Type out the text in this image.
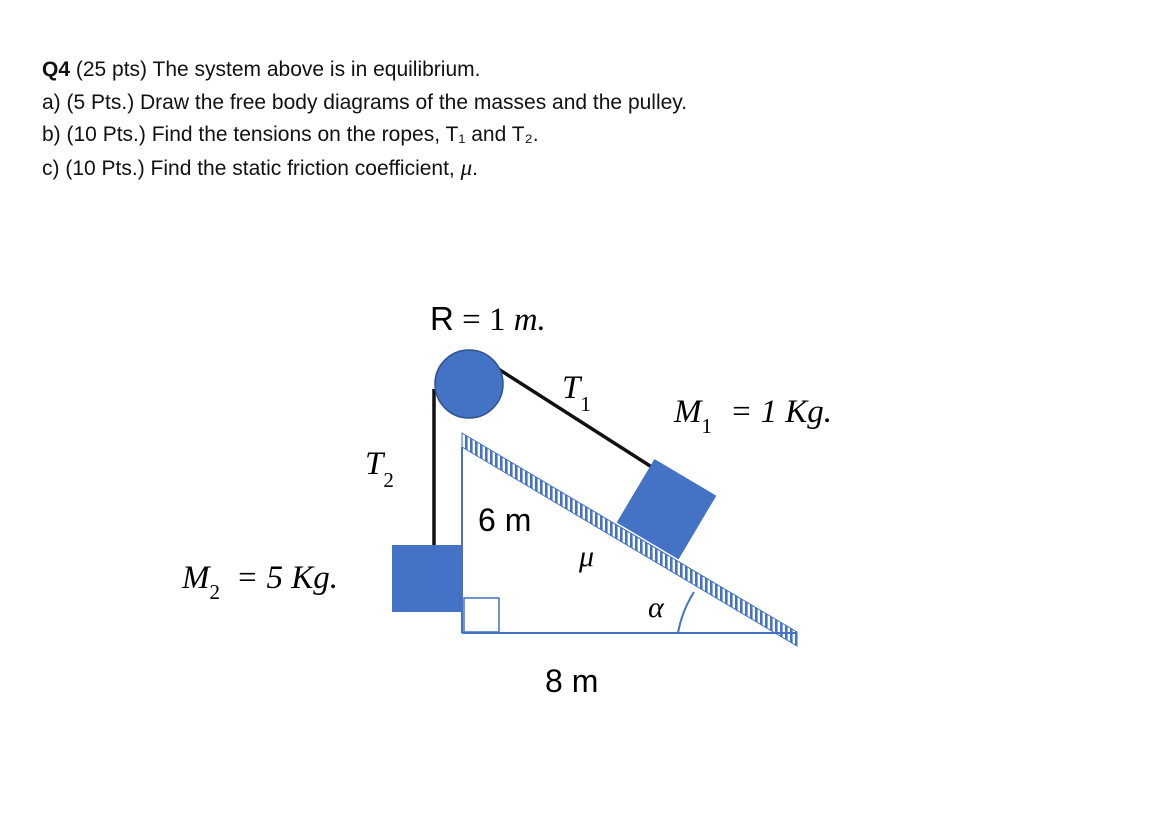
Q4 (25 pts) The system above is in equilibrium.
a) (5 Pts.) Draw the free body diagrams of the masses and the pulley.
b) (10 Pts.) Find the tensions on the ropes, T₁ and T₂.
c) (10 Pts.) Find the static friction coefficient, μ.
R = 1 m.
$T_1$
$T_2$
$M_1 = 1$ Kg.
$M_2 = 5$ Kg.
6 m
8 m
μ
α
